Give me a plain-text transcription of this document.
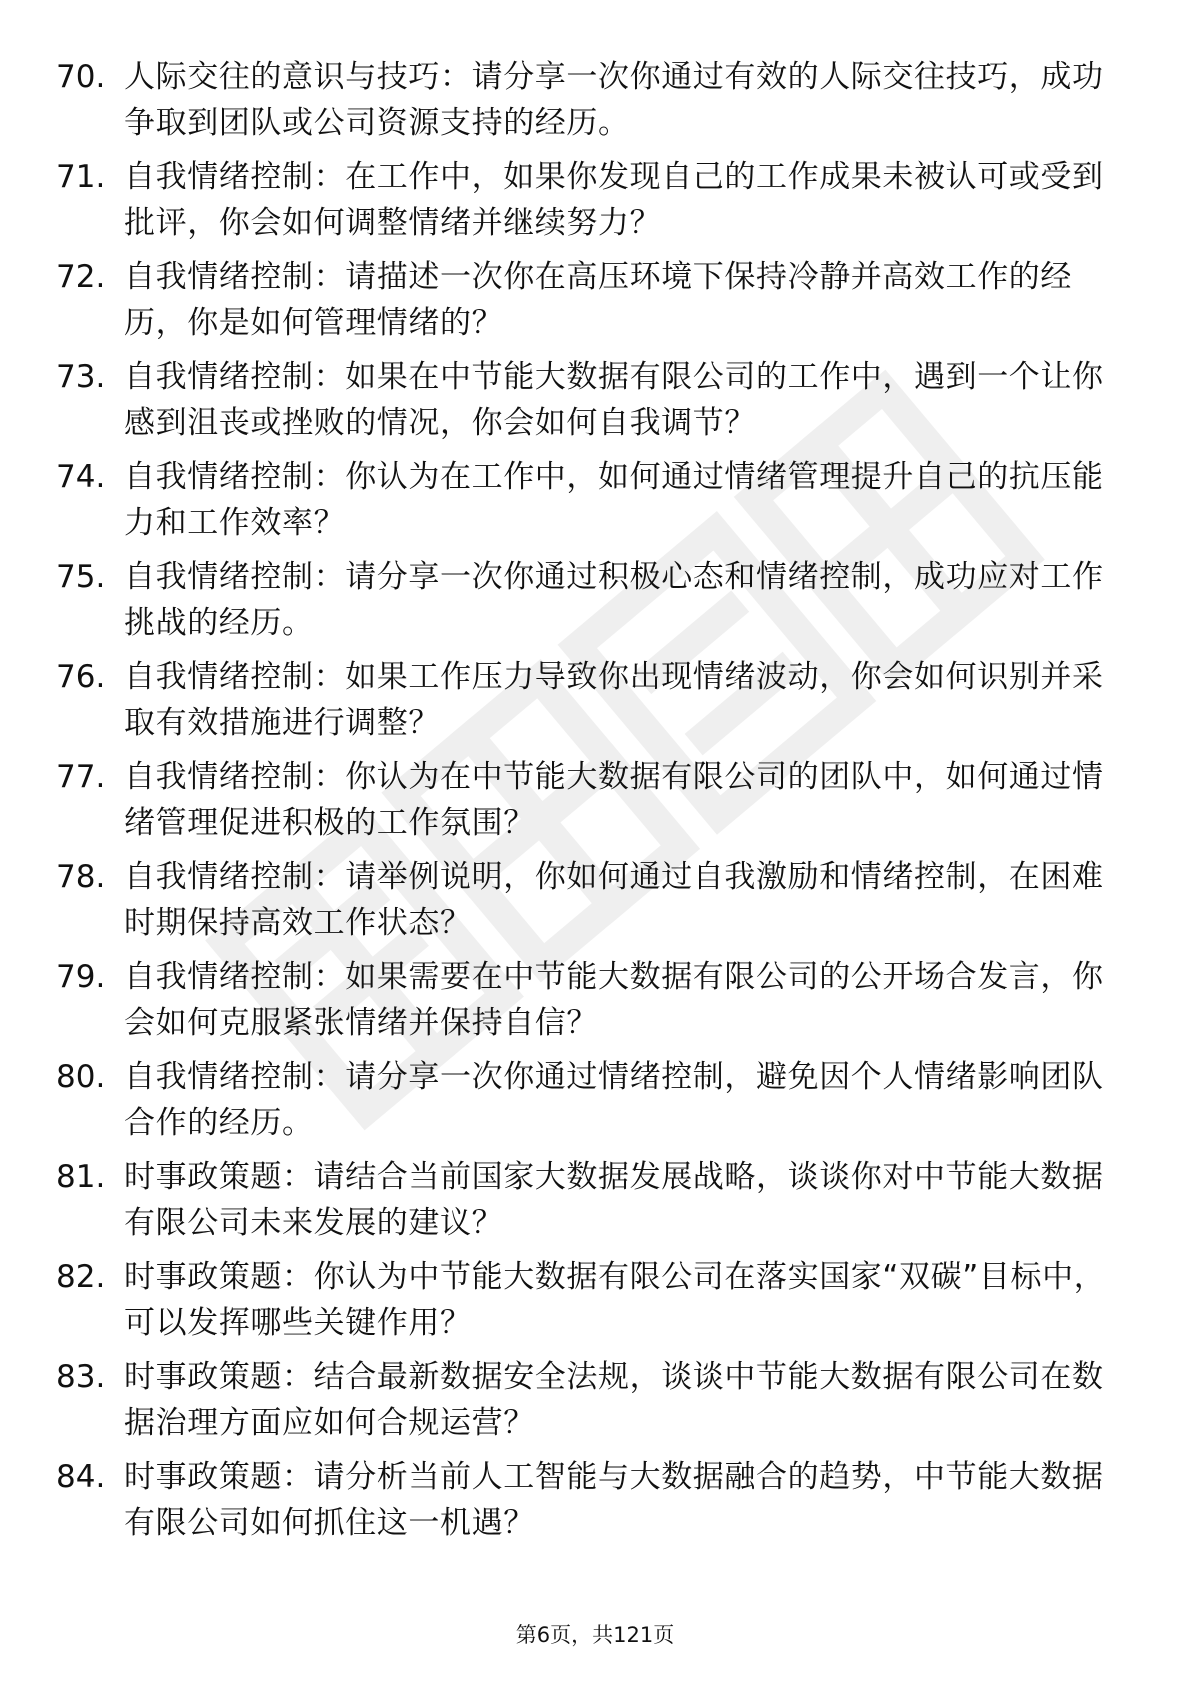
70. 人际交往的意识与技巧：请分享一次你通过有效的人际交往技巧，成功争取到团队或公司资源支持的经历。
71. 自我情绪控制：在工作中，如果你发现自己的工作成果未被认可或受到批评，你会如何调整情绪并继续努力？
72. 自我情绪控制：请描述一次你在高压环境下保持冷静并高效工作的经历，你是如何管理情绪的？
73. 自我情绪控制：如果在中节能大数据有限公司的工作中，遇到一个让你感到沮丧或挫败的情况，你会如何自我调节？
74. 自我情绪控制：你认为在工作中，如何通过情绪管理提升自己的抗压能力和工作效率？
75. 自我情绪控制：请分享一次你通过积极心态和情绪控制，成功应对工作挑战的经历。
76. 自我情绪控制：如果工作压力导致你出现情绪波动，你会如何识别并采取有效措施进行调整？
77. 自我情绪控制：你认为在中节能大数据有限公司的团队中，如何通过情绪管理促进积极的工作氛围？
78. 自我情绪控制：请举例说明，你如何通过自我激励和情绪控制，在困难时期保持高效工作状态？
79. 自我情绪控制：如果需要在中节能大数据有限公司的公开场合发言，你会如何克服紧张情绪并保持自信？
80. 自我情绪控制：请分享一次你通过情绪控制，避免因个人情绪影响团队合作的经历。
81. 时事政策题：请结合当前国家大数据发展战略，谈谈你对中节能大数据有限公司未来发展的建议？
82. 时事政策题：你认为中节能大数据有限公司在落实国家“双碳”目标中，可以发挥哪些关键作用？
83. 时事政策题：结合最新数据安全法规，谈谈中节能大数据有限公司在数据治理方面应如何合规运营？
84. 时事政策题：请分析当前人工智能与大数据融合的趋势，中节能大数据有限公司如何抓住这一机遇？
第6页，共121页
